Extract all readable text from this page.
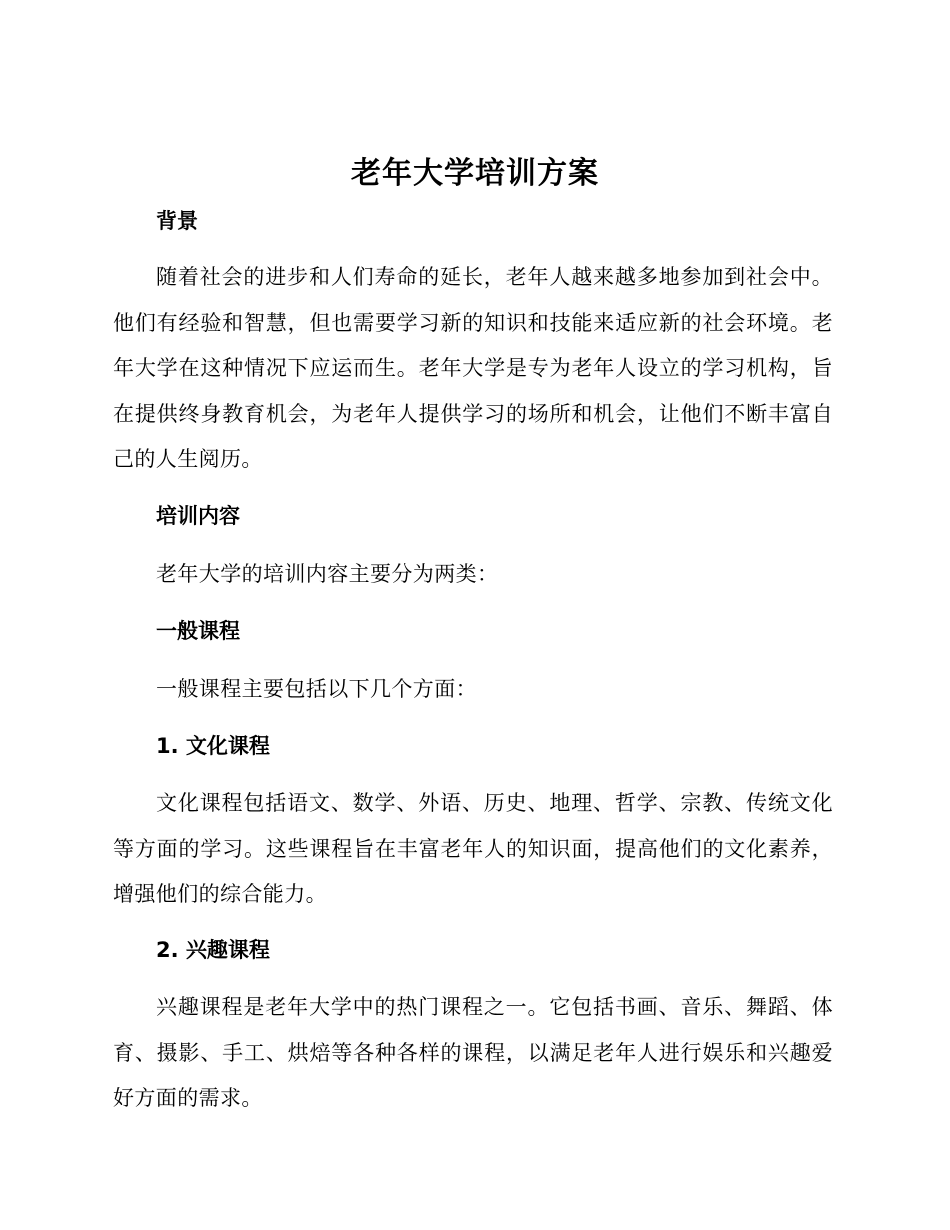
老年大学培训方案
背景

随着社会的进步和人们寿命的延长，老年人越来越多地参加到社会中。他们有经验和智慧，但也需要学习新的知识和技能来适应新的社会环境。老年大学在这种情况下应运而生。老年大学是专为老年人设立的学习机构，旨在提供终身教育机会，为老年人提供学习的场所和机会，让他们不断丰富自己的人生阅历。

培训内容

老年大学的培训内容主要分为两类：

一般课程

一般课程主要包括以下几个方面：

1. 文化课程

文化课程包括语文、数学、外语、历史、地理、哲学、宗教、传统文化等方面的学习。这些课程旨在丰富老年人的知识面，提高他们的文化素养，增强他们的综合能力。

2. 兴趣课程

兴趣课程是老年大学中的热门课程之一。它包括书画、音乐、舞蹈、体育、摄影、手工、烘焙等各种各样的课程，以满足老年人进行娱乐和兴趣爱好方面的需求。
